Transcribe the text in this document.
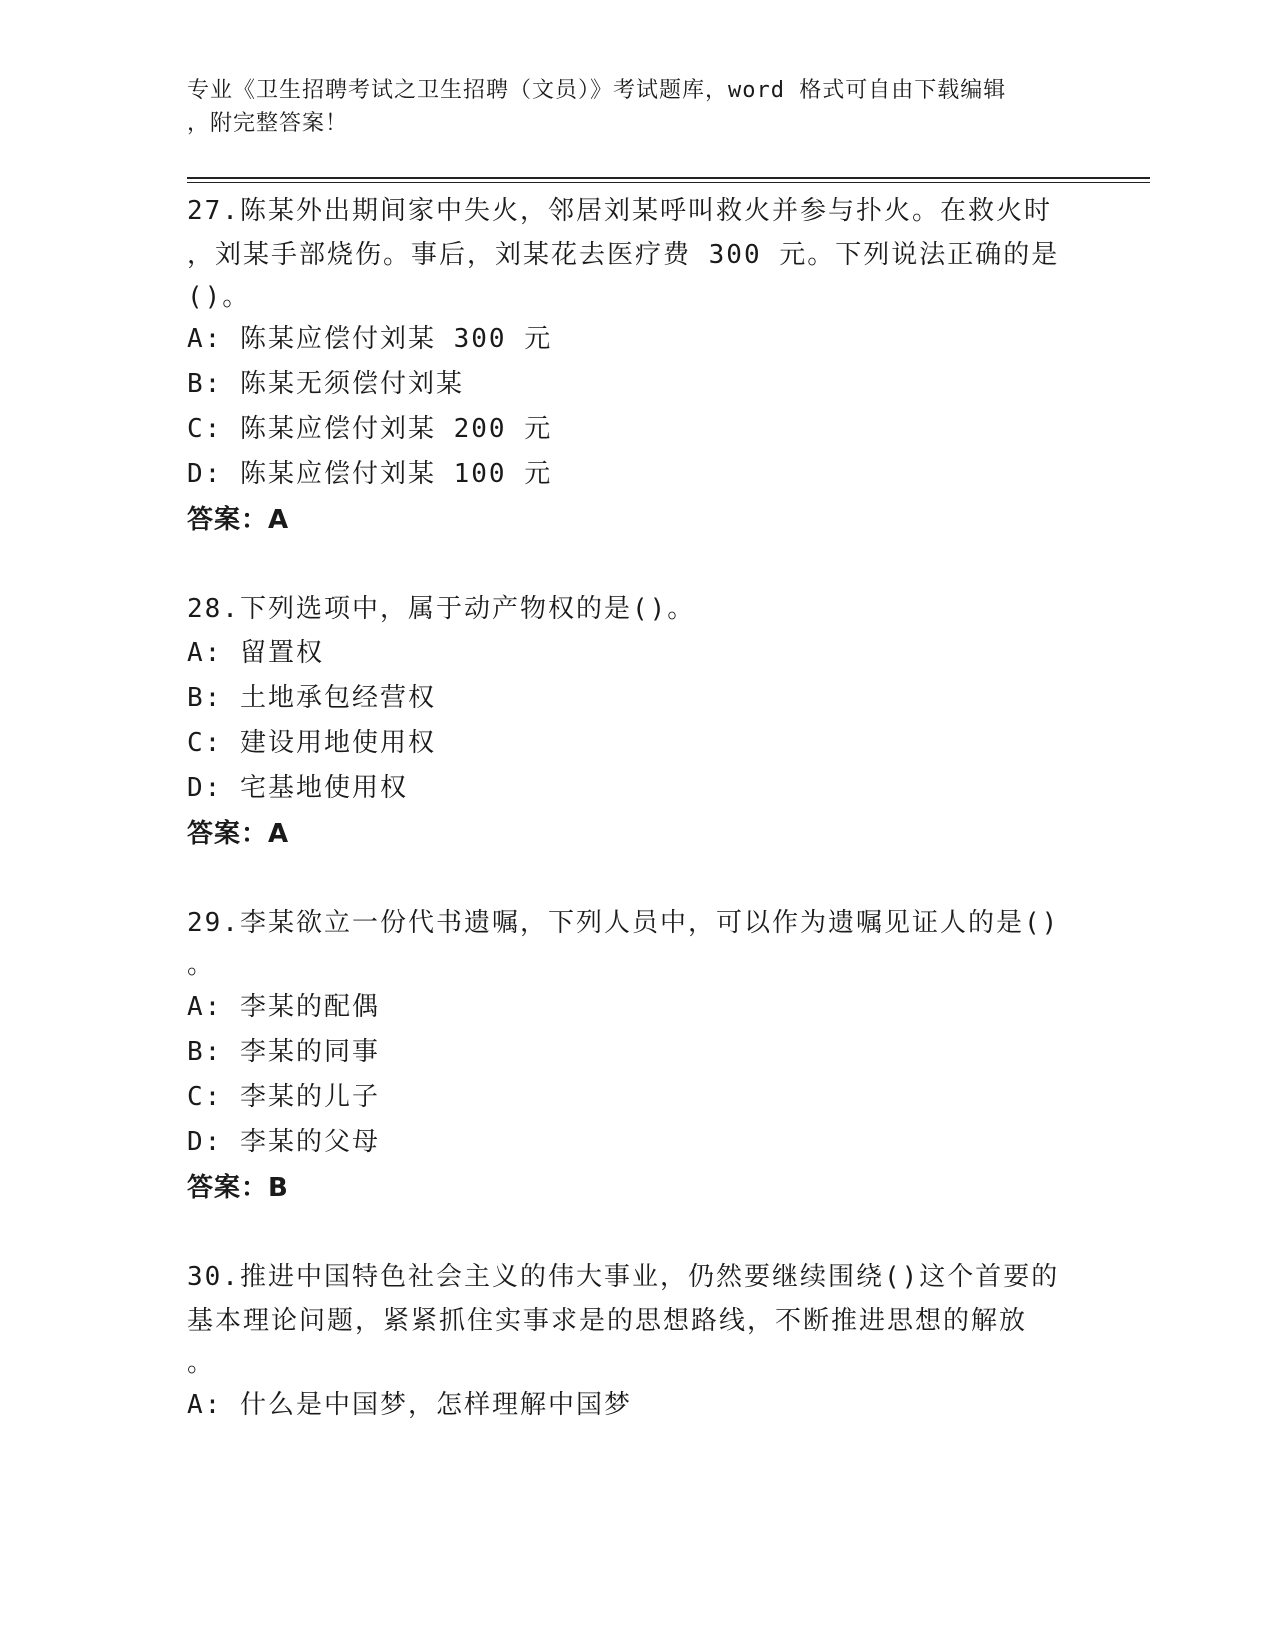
专业《卫生招聘考试之卫生招聘（文员）》考试题库，word 格式可自由下载编辑
，附完整答案！
27.陈某外出期间家中失火，邻居刘某呼叫救火并参与扑火。在救火时
，刘某手部烧伤。事后，刘某花去医疗费 300 元。下列说法正确的是
()。
A: 陈某应偿付刘某 300 元
B: 陈某无须偿付刘某
C: 陈某应偿付刘某 200 元
D: 陈某应偿付刘某 100 元
答案：A
28.下列选项中，属于动产物权的是()。
A: 留置权
B: 土地承包经营权
C: 建设用地使用权
D: 宅基地使用权
答案：A
29.李某欲立一份代书遗嘱，下列人员中，可以作为遗嘱见证人的是()
。
A: 李某的配偶
B: 李某的同事
C: 李某的儿子
D: 李某的父母
答案：B
30.推进中国特色社会主义的伟大事业，仍然要继续围绕()这个首要的
基本理论问题，紧紧抓住实事求是的思想路线，不断推进思想的解放
。
A: 什么是中国梦，怎样理解中国梦
